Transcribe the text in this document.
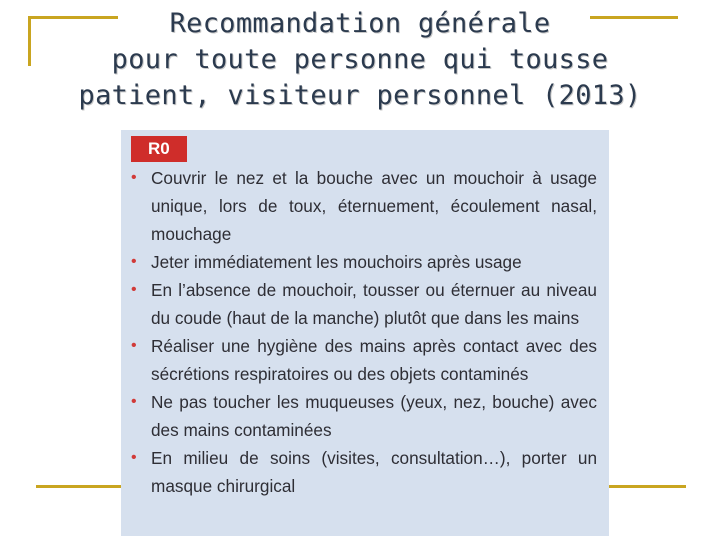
Recommandation générale
pour toute personne qui tousse
patient, visiteur personnel (2013)
R0
• Couvrir le nez et la bouche avec un mouchoir à usage unique, lors de toux, éternuement, écoulement nasal, mouchage
• Jeter immédiatement les mouchoirs après usage
• En l’absence de mouchoir, tousser ou éternuer au niveau du coude (haut de la manche) plutôt que dans les mains
• Réaliser une hygiène des mains après contact avec des sécrétions respiratoires ou des objets contaminés
• Ne pas toucher les muqueuses (yeux, nez, bouche) avec des mains contaminées
• En milieu de soins (visites, consultation…), porter un masque chirurgical
